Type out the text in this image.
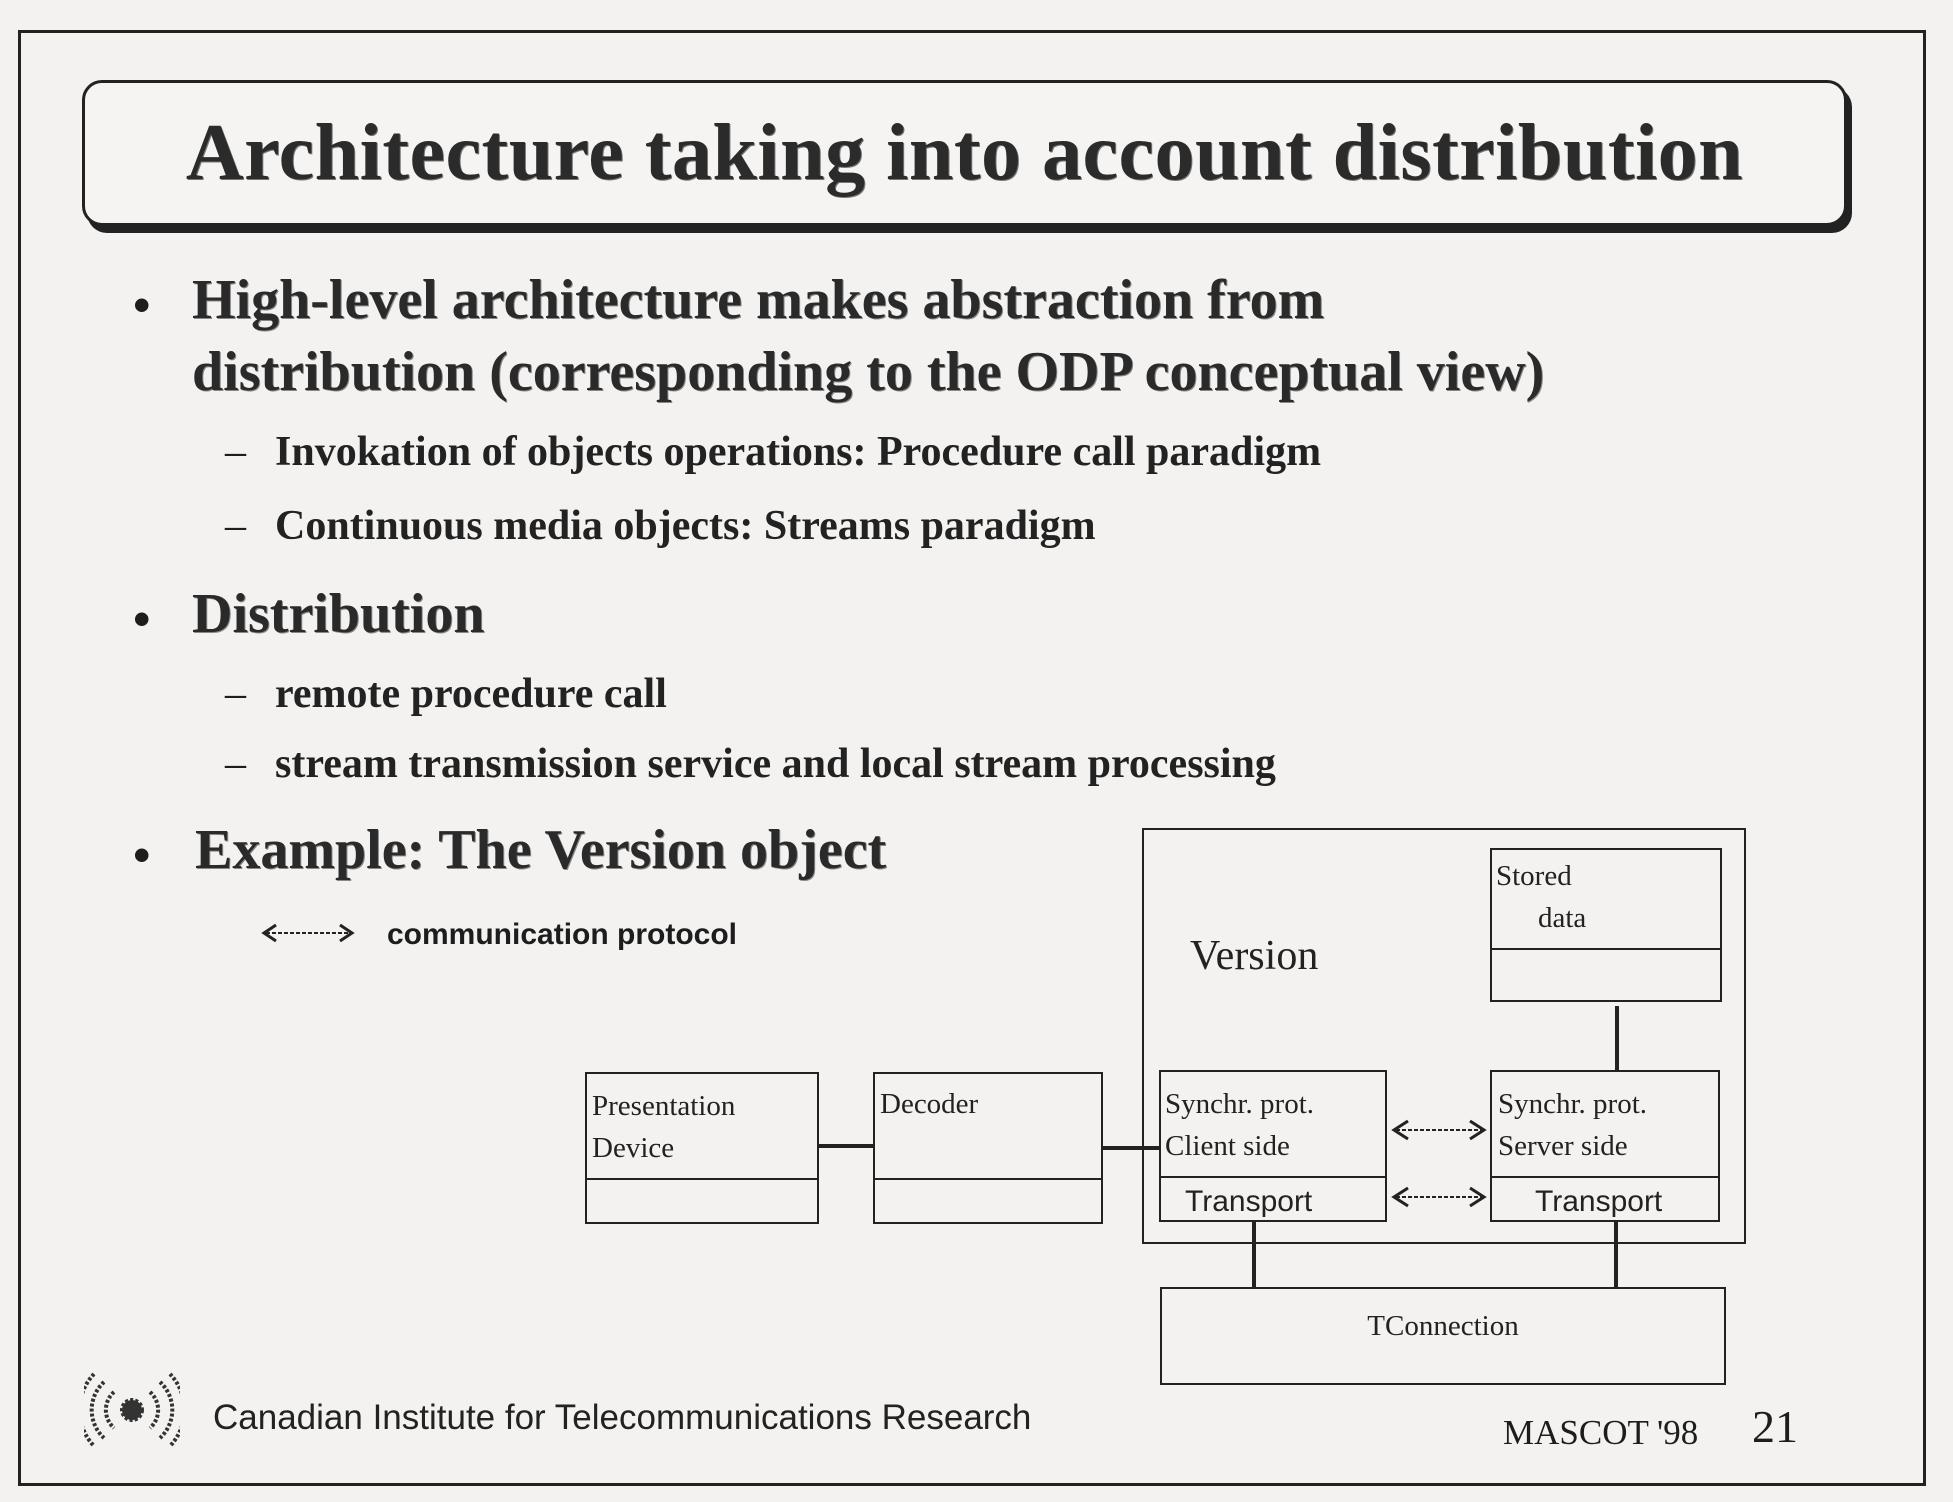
Architecture taking into account distribution
• High-level architecture makes abstraction from
distribution (corresponding to the ODP conceptual view)
– Invokation of objects operations: Procedure call paradigm
– Continuous media objects: Streams paradigm
• Distribution
– remote procedure call
– stream transmission service and local stream processing
• Example: The Version object
communication protocol	Version
Stored
data
Presentation
Device
Decoder	Synchr. prot.
Client side
Transport
Synchr. prot.
Server side
Transport
TConnection
Canadian Institute for Telecommunications Research	MASCOT '98 21
